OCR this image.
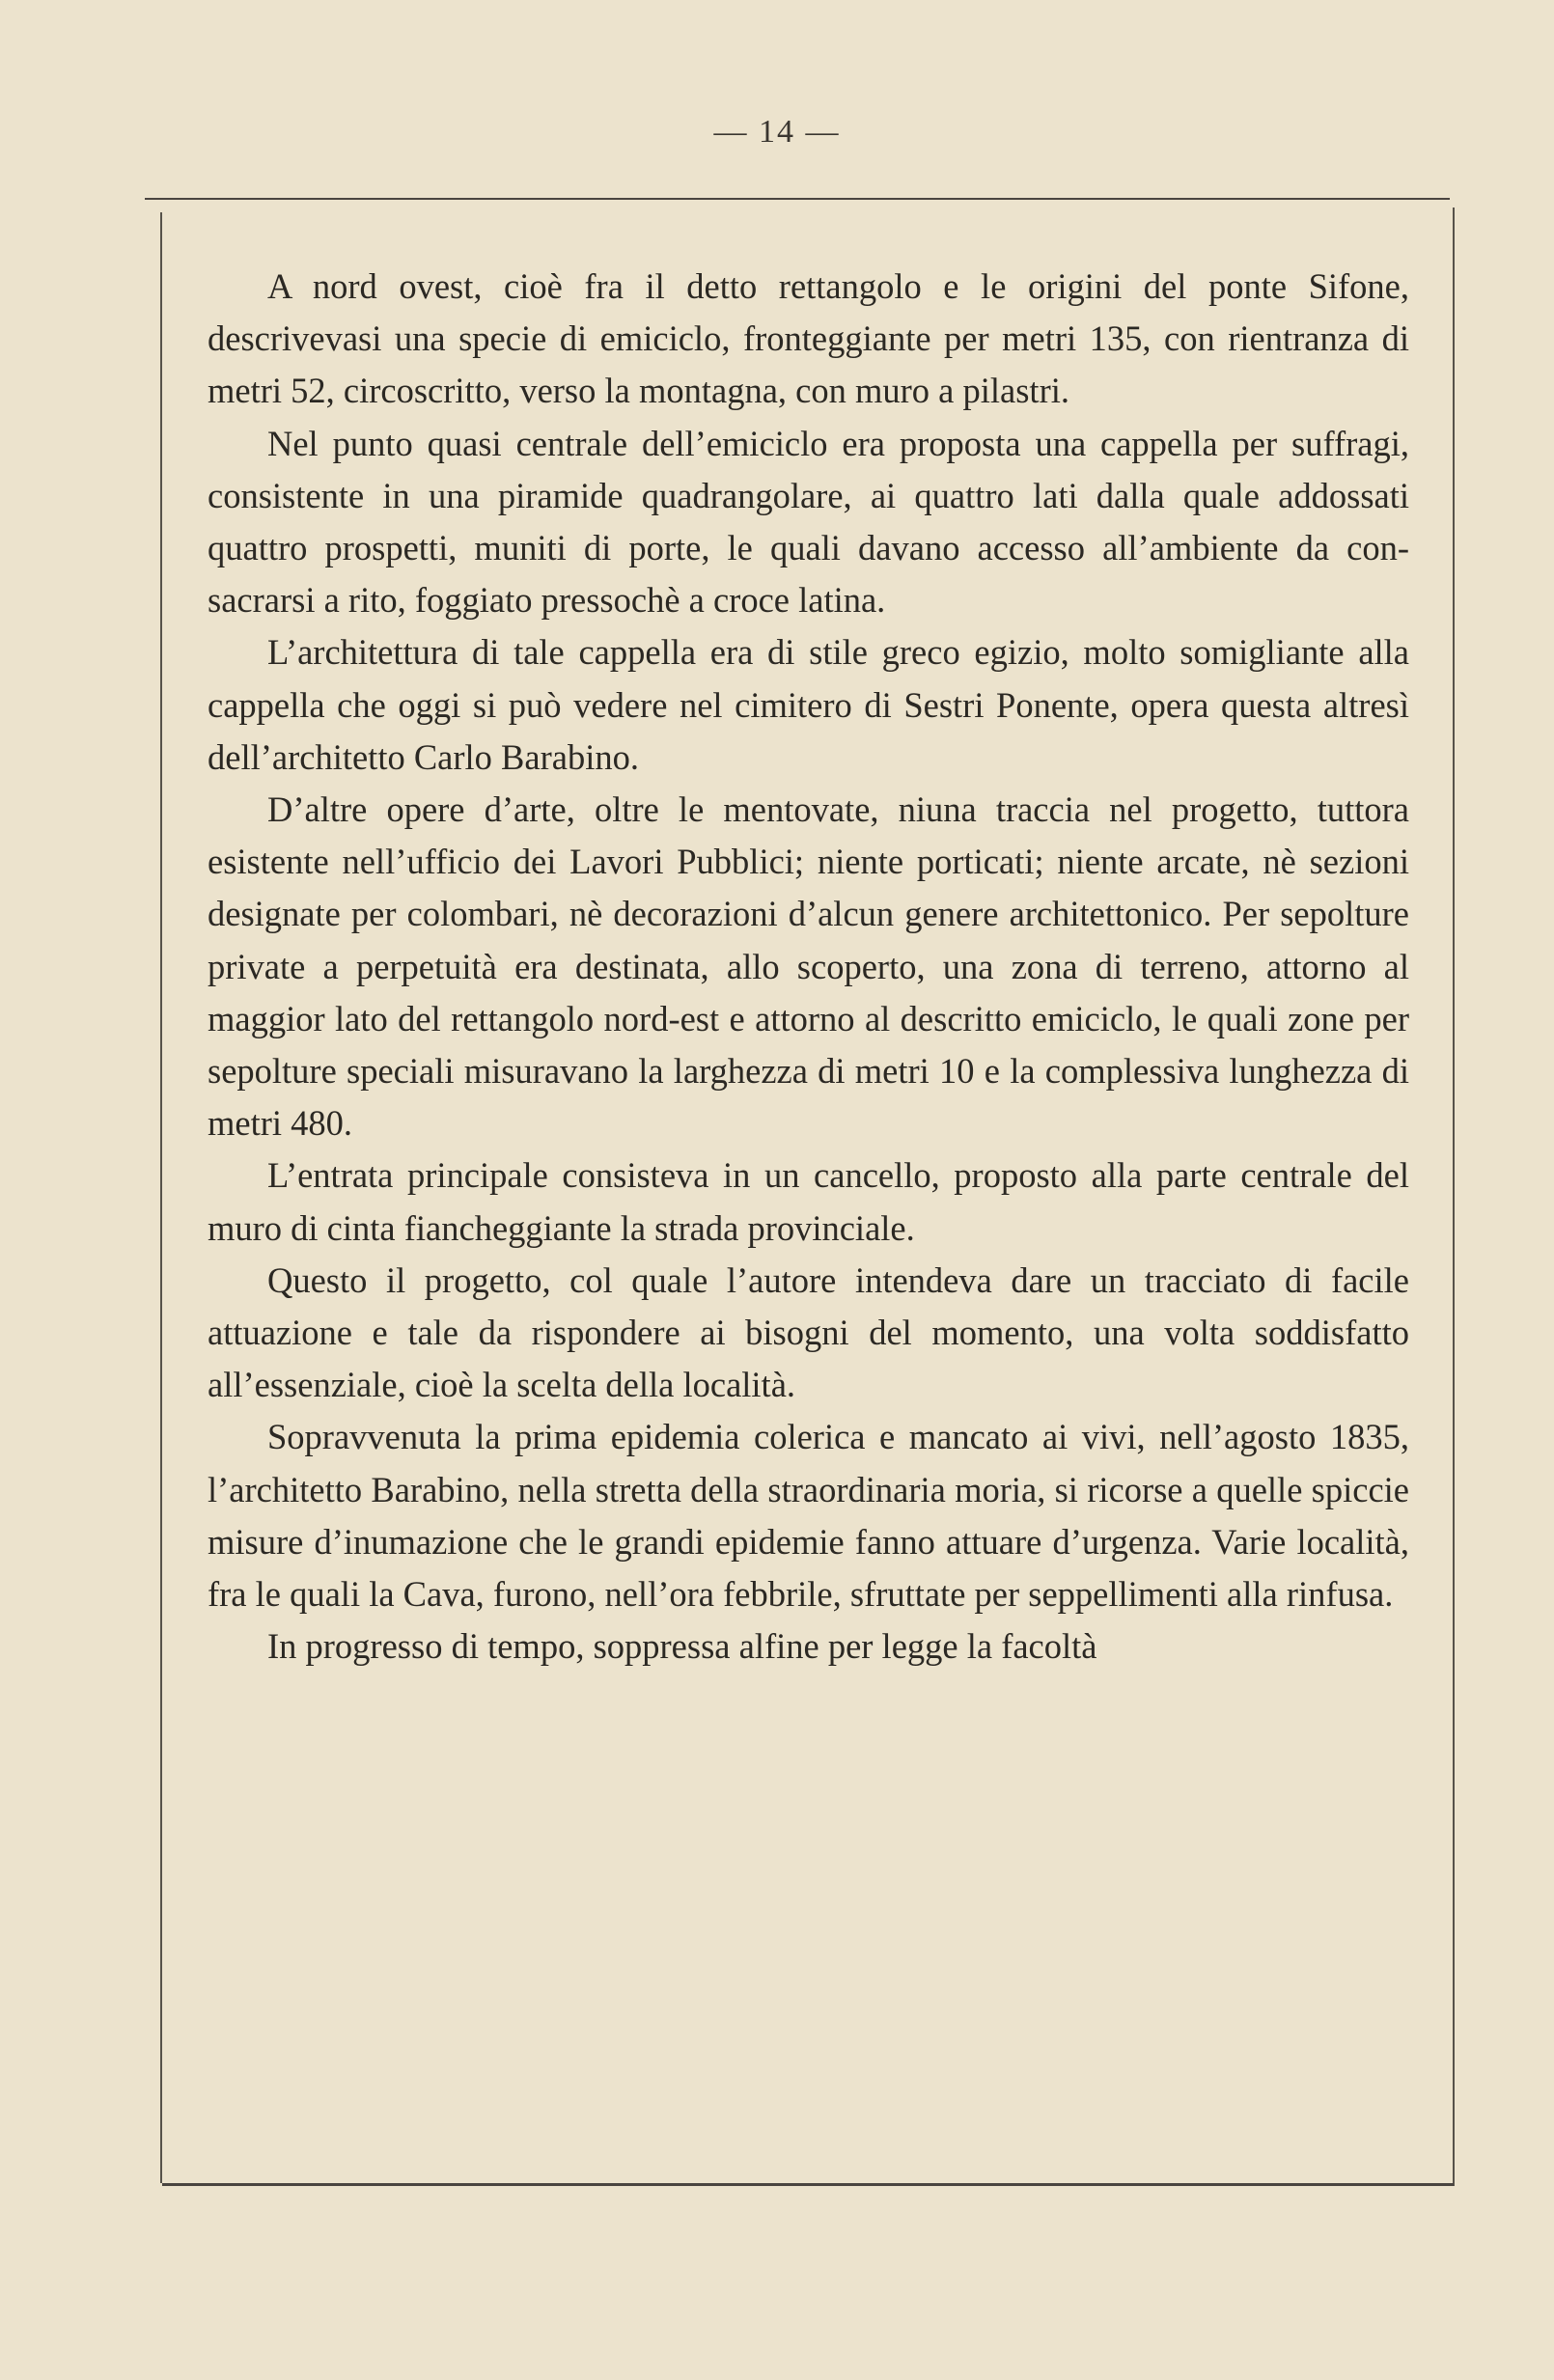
— 14 —

A nord ovest, cioè fra il detto rettangolo e le origini del ponte Sifone, descrivevasi una specie di emiciclo, fronteggiante per metri 135, con rientranza di metri 52, circoscritto, verso la montagna, con muro a pilastri.

Nel punto quasi centrale dell’emiciclo era proposta una cappella per suffragi, consistente in una piramide quadrangolare, ai quattro lati dalla quale addossati quattro prospetti, muniti di porte, le quali davano accesso all’ambiente da consacrarsi a rito, foggiato pressochè a croce latina.

L’architettura di tale cappella era di stile greco egizio, molto somigliante alla cappella che oggi si può vedere nel cimitero di Sestri Ponente, opera questa altresì dell’architetto Carlo Barabino.

D’altre opere d’arte, oltre le mentovate, niuna traccia nel progetto, tuttora esistente nell’ufficio dei Lavori Pubblici; niente porticati; niente arcate, nè sezioni designate per colombari, nè decorazioni d’alcun genere architettonico. Per sepolture private a perpetuità era destinata, allo scoperto, una zona di terreno, attorno al maggior lato del rettangolo nord-est e attorno al descritto emiciclo, le quali zone per sepolture speciali misuravano la larghezza di metri 10 e la complessiva lunghezza di metri 480.

L’entrata principale consisteva in un cancello, proposto alla parte centrale del muro di cinta fiancheggiante la strada provinciale.

Questo il progetto, col quale l’autore intendeva dare un tracciato di facile attuazione e tale da rispondere ai bisogni del momento, una volta soddisfatto all’essenziale, cioè la scelta della località.

Sopravvenuta la prima epidemia colerica e mancato ai vivi, nell’agosto 1835, l’architetto Barabino, nella stretta della straordinaria moria, si ricorse a quelle spiccie misure d’inumazione che le grandi epidemie fanno attuare d’urgenza. Varie località, fra le quali la Cava, furono, nell’ora febbrile, sfruttate per seppellimenti alla rinfusa.

In progresso di tempo, soppressa alfine per legge la facoltà
